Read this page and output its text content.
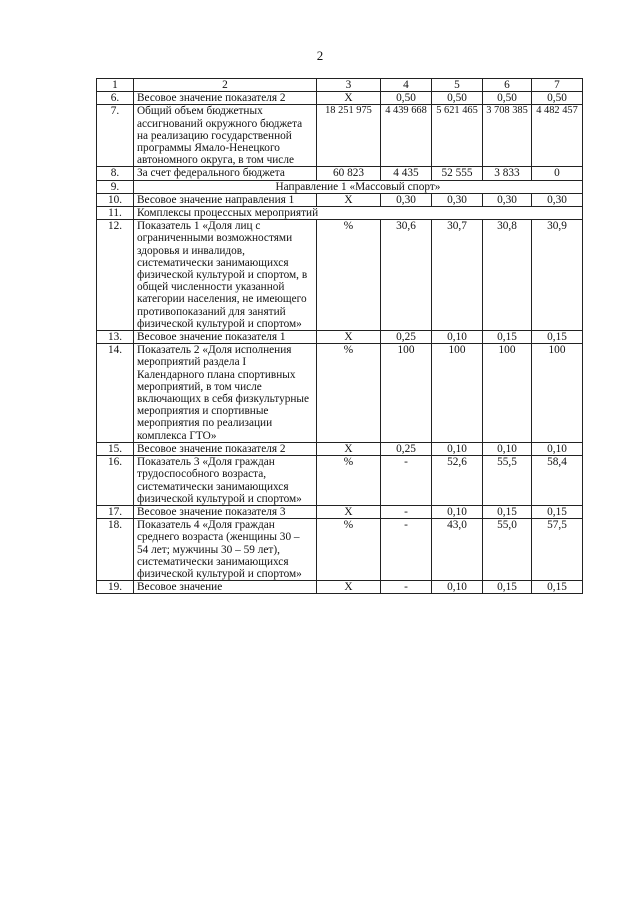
2
1	2	3	4	5	6	7
6.	Весовое значение показателя 2	Х	0,50	0,50	0,50	0,50
7.	Общий объем бюджетных ассигнований окружного бюджета на реализацию государственной программы Ямало-Ненецкого автономного округа, в том числе	18 251 975	4 439 668	5 621 465	3 708 385	4 482 457
8.	За счет федерального бюджета	60 823	4 435	52 555	3 833	0
9.	Направление 1 «Массовый спорт»					
10.	Весовое значение направления 1	Х	0,30	0,30	0,30	0,30
11.	Комплексы процессных мероприятий					
12.	Показатель 1 «Доля лиц с ограниченными возможностями здоровья и инвалидов, систематически занимающихся физической культурой и спортом, в общей численности указанной категории населения, не имеющего противопоказаний для занятий физической культурой и спортом»	%	30,6	30,7	30,8	30,9
13.	Весовое значение показателя 1	Х	0,25	0,10	0,15	0,15
14.	Показатель 2 «Доля исполнения мероприятий раздела I Календарного плана спортивных мероприятий, в том числе включающих в себя физкультурные мероприятия и спортивные мероприятия по реализации комплекса ГТО»	%	100	100	100	100
15.	Весовое значение показателя 2	Х	0,25	0,10	0,10	0,10
16.	Показатель 3 «Доля граждан трудоспособного возраста, систематически занимающихся физической культурой и спортом»	%	-	52,6	55,5	58,4
17.	Весовое значение показателя 3	Х	-	0,10	0,15	0,15
18.	Показатель 4 «Доля граждан среднего возраста (женщины 30 – 54 лет; мужчины 30 – 59 лет), систематически занимающихся физической культурой и спортом»	%	-	43,0	55,0	57,5
19.	Весовое значение	Х	-	0,10	0,15	0,15
